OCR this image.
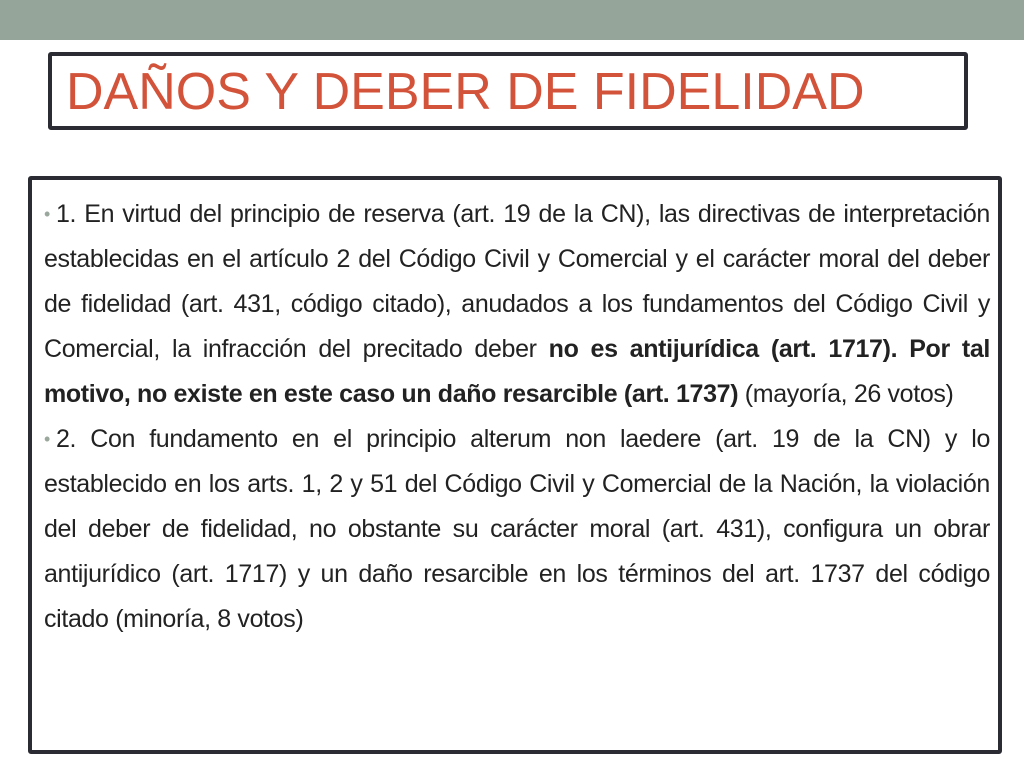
DAÑOS Y DEBER DE FIDELIDAD

• 1. En virtud del principio de reserva (art. 19 de la CN), las directivas de interpretación establecidas en el artículo 2 del Código Civil y Comercial y el carácter moral del deber de fidelidad (art. 431, código citado), anudados a los fundamentos del Código Civil y Comercial, la infracción del precitado deber no es antijurídica (art. 1717). Por tal motivo, no existe en este caso un daño resarcible (art. 1737) (mayoría, 26 votos)

• 2. Con fundamento en el principio alterum non laedere (art. 19 de la CN) y lo establecido en los arts. 1, 2 y 51 del Código Civil y Comercial de la Nación, la violación del deber de fidelidad, no obstante su carácter moral (art. 431), configura un obrar antijurídico (art. 1717) y un daño resarcible en los términos del art. 1737 del código citado (minoría, 8 votos)
